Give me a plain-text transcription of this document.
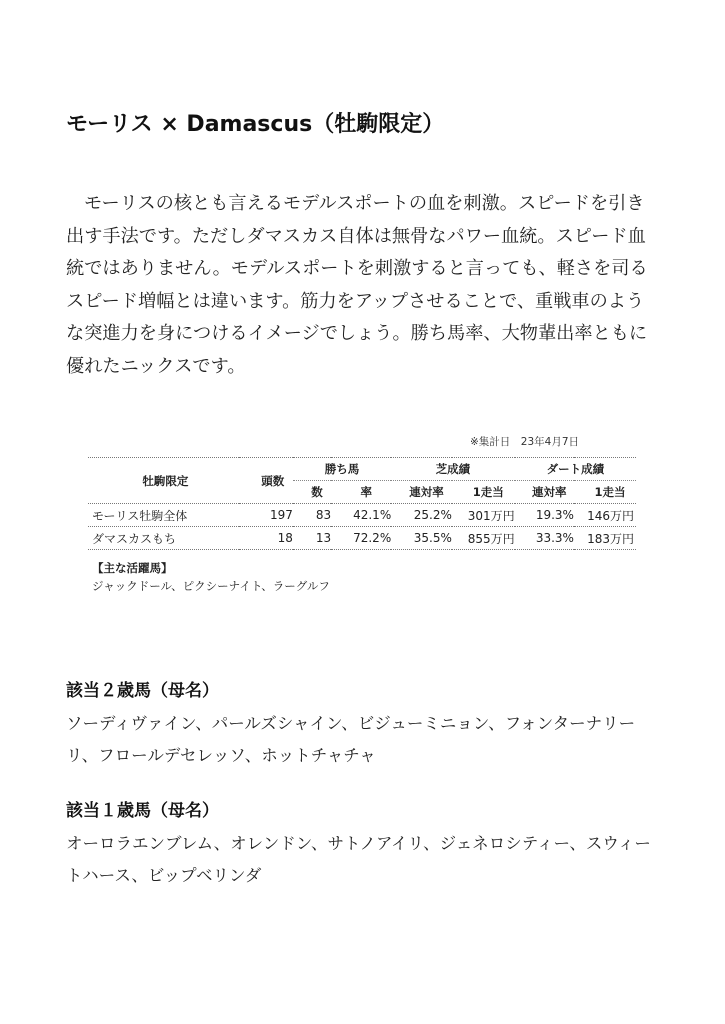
モーリス × Damascus（牡駒限定）

モーリスの核とも言えるモデルスポートの血を刺激。スピードを引き出す手法です。ただしダマスカス自体は無骨なパワー血統。スピード血統ではありません。モデルスポートを刺激すると言っても、軽さを司るスピード増幅とは違います。筋力をアップさせることで、重戦車のような突進力を身につけるイメージでしょう。勝ち馬率、大物輩出率ともに優れたニックスです。

※集計日　23年4月7日
牡駒限定	頭数	勝ち馬		芝成績		ダート成績	
		数	率	連対率	1走当	連対率	1走当
モーリス牡駒全体	197	83	42.1%	25.2%	301万円	19.3%	146万円
ダマスカスもち	18	13	72.2%	35.5%	855万円	33.3%	183万円
【主な活躍馬】
ジャックドール、ピクシーナイト、ラーグルフ
該当２歳馬（母名）

ソーディヴァイン、パールズシャイン、ビジューミニョン、フォンターナリーリ、フロールデセレッソ、ホットチャチャ

該当１歳馬（母名）

オーロラエンブレム、オレンドン、サトノアイリ、ジェネロシティー、スウィートハース、ビップベリンダ
